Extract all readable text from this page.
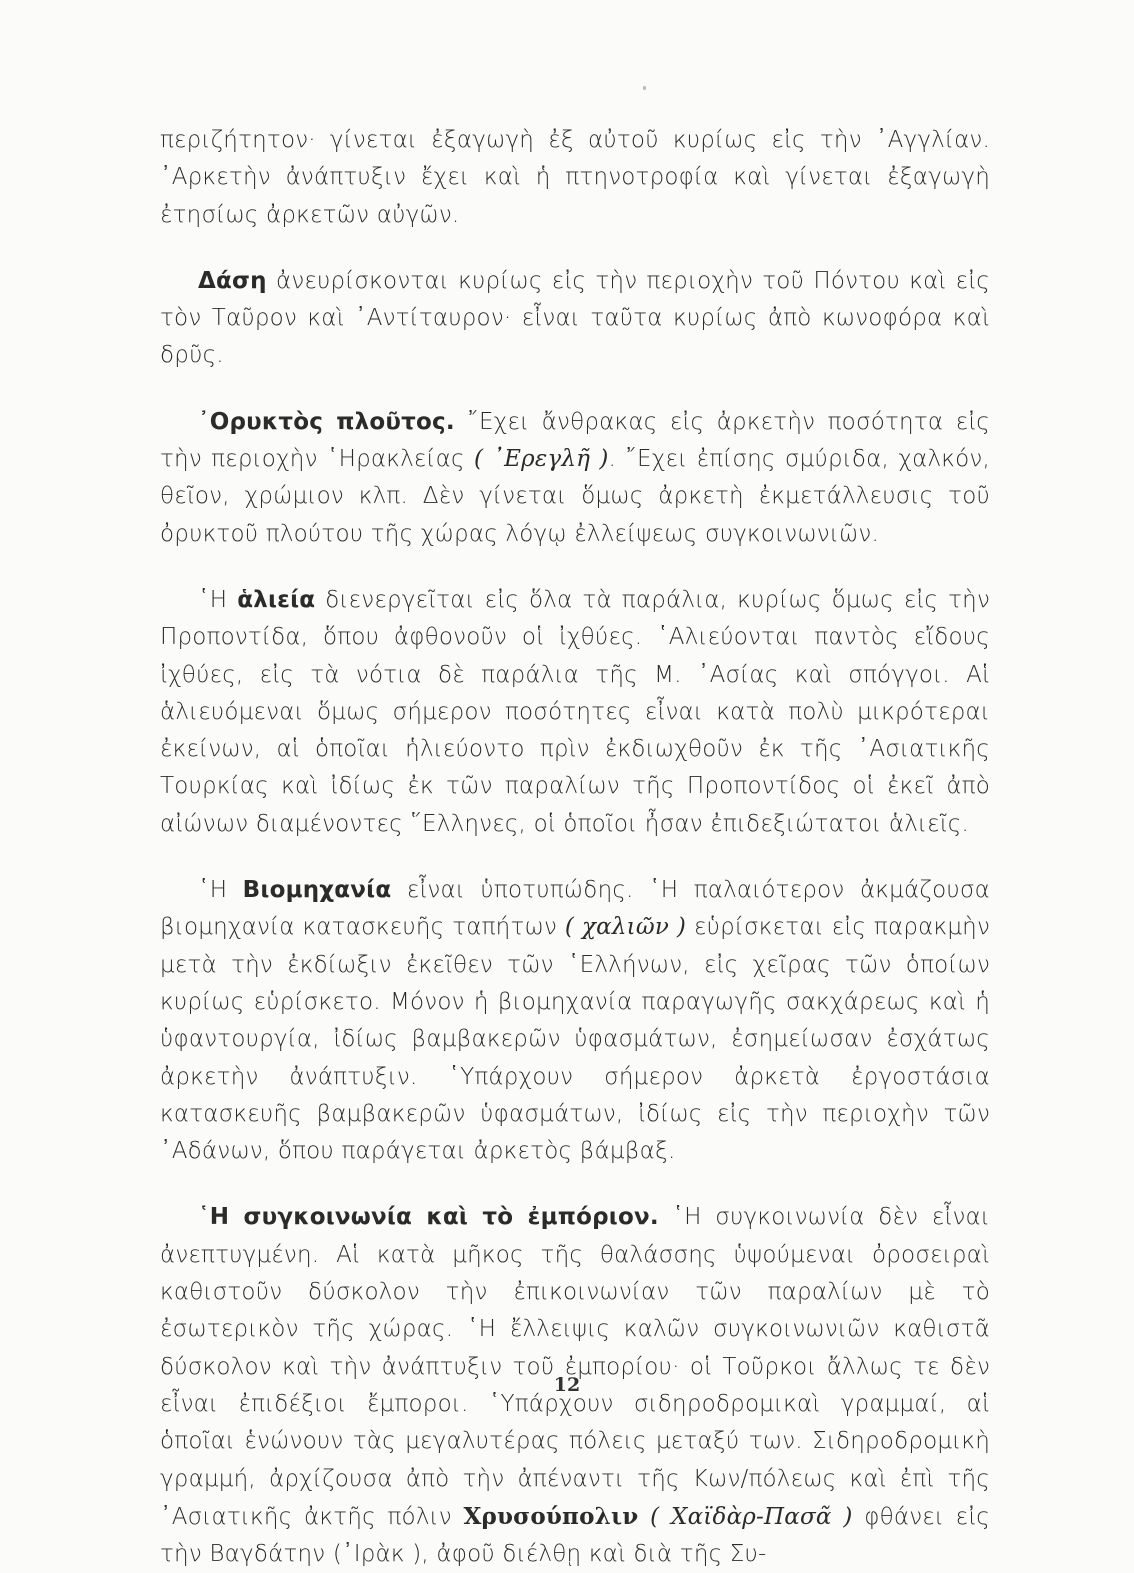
περιζήτητον· γίνεται ἐξαγωγὴ ἐξ αὐτοῦ κυρίως εἰς τὴν ᾽Αγγλίαν. ᾽Αρκετὴν ἀνάπτυξιν ἔχει καὶ ἡ πτηνοτροφία καὶ γίνεται ἐξαγωγὴ ἐτησίως ἀρκετῶν αὐγῶν.

Δάση ἀνευρίσκονται κυρίως εἰς τὴν περιοχὴν τοῦ Πόντου καὶ εἰς τὸν Ταῦρον καὶ ᾽Αντίταυρον· εἶναι ταῦτα κυρίως ἀπὸ κωνοφόρα καὶ δρῦς.

᾽Ορυκτὸς πλοῦτος. ῎Εχει ἄνθρακας εἰς ἀρκετὴν ποσότητα εἰς τὴν περιοχὴν ῾Ηρακλείας ( ᾽Ερεγλῆ ). ῎Εχει ἐπίσης σμύριδα, χαλκόν, θεῖον, χρώμιον κλπ. Δὲν γίνεται ὅμως ἀρκετὴ ἐκμετάλλευσις τοῦ ὀρυκτοῦ πλούτου τῆς χώρας λόγῳ ἐλλείψεως συγκοινωνιῶν.

῾Η ἁλιεία διενεργεῖται εἰς ὅλα τὰ παράλια, κυρίως ὅμως εἰς τὴν Προποντίδα, ὅπου ἀφθονοῦν οἱ ἰχθύες. ῾Αλιεύονται παντὸς εἴδους ἰχθύες, εἰς τὰ νότια δὲ παράλια τῆς Μ. ᾽Ασίας καὶ σπόγγοι. Αἱ ἁλιευόμεναι ὅμως σήμερον ποσότητες εἶναι κατὰ πολὺ μικρότεραι ἐκείνων, αἱ ὁποῖαι ἡλιεύοντο πρὶν ἐκδιωχθοῦν ἐκ τῆς ᾽Ασιατικῆς Τουρκίας καὶ ἰδίως ἐκ τῶν παραλίων τῆς Προποντίδος οἱ ἐκεῖ ἀπὸ αἰώνων διαμένοντες ῞Ελληνες, οἱ ὁποῖοι ἦσαν ἐπιδεξιώτατοι ἁλιεῖς.

῾Η Βιομηχανία εἶναι ὑποτυπώδης. ῾Η παλαιότερον ἀκμάζουσα βιομηχανία κατασκευῆς ταπήτων ( χαλιῶν ) εὑρίσκεται εἰς παρακμὴν μετὰ τὴν ἐκδίωξιν ἐκεῖθεν τῶν ῾Ελλήνων, εἰς χεῖρας τῶν ὁποίων κυρίως εὑρίσκετο. Μόνον ἡ βιομηχανία παραγωγῆς σακχάρεως καὶ ἡ ὑφαντουργία, ἰδίως βαμβακερῶν ὑφασμάτων, ἐσημείωσαν ἐσχάτως ἀρκετὴν ἀνάπτυξιν. ῾Υπάρχουν σήμερον ἀρκετὰ ἐργοστάσια κατασκευῆς βαμβακερῶν ὑφασμάτων, ἰδίως εἰς τὴν περιοχὴν τῶν ᾽Αδάνων, ὅπου παράγεται ἀρκετὸς βάμβαξ.

῾Η συγκοινωνία καὶ τὸ ἐμπόριον. ῾Η συγκοινωνία δὲν εἶναι ἀνεπτυγμένη. Αἱ κατὰ μῆκος τῆς θαλάσσης ὑψούμεναι ὀροσειραὶ καθιστοῦν δύσκολον τὴν ἐπικοινωνίαν τῶν παραλίων μὲ τὸ ἐσωτερικὸν τῆς χώρας. ῾Η ἔλλειψις καλῶν συγκοινωνιῶν καθιστᾶ δύσκολον καὶ τὴν ἀνάπτυξιν τοῦ ἐμπορίου· οἱ Τοῦρκοι ἄλλως τε δὲν εἶναι ἐπιδέξιοι ἔμποροι. ῾Υπάρχουν σιδηροδρομικαὶ γραμμαί, αἱ ὁποῖαι ἑνώνουν τὰς μεγαλυτέρας πόλεις μεταξύ των. Σιδηροδρομικὴ γραμμή, ἀρχίζουσα ἀπὸ τὴν ἀπέναντι τῆς Κων/πόλεως καὶ ἐπὶ τῆς ᾽Ασιατικῆς ἀκτῆς πόλιν Χρυσούπολιν ( Χαϊδὰρ-Πασᾶ ) φθάνει εἰς τὴν Βαγδάτην (᾽Ιρὰκ ), ἀφοῦ διέλθῃ καὶ διὰ τῆς Συ-

12
